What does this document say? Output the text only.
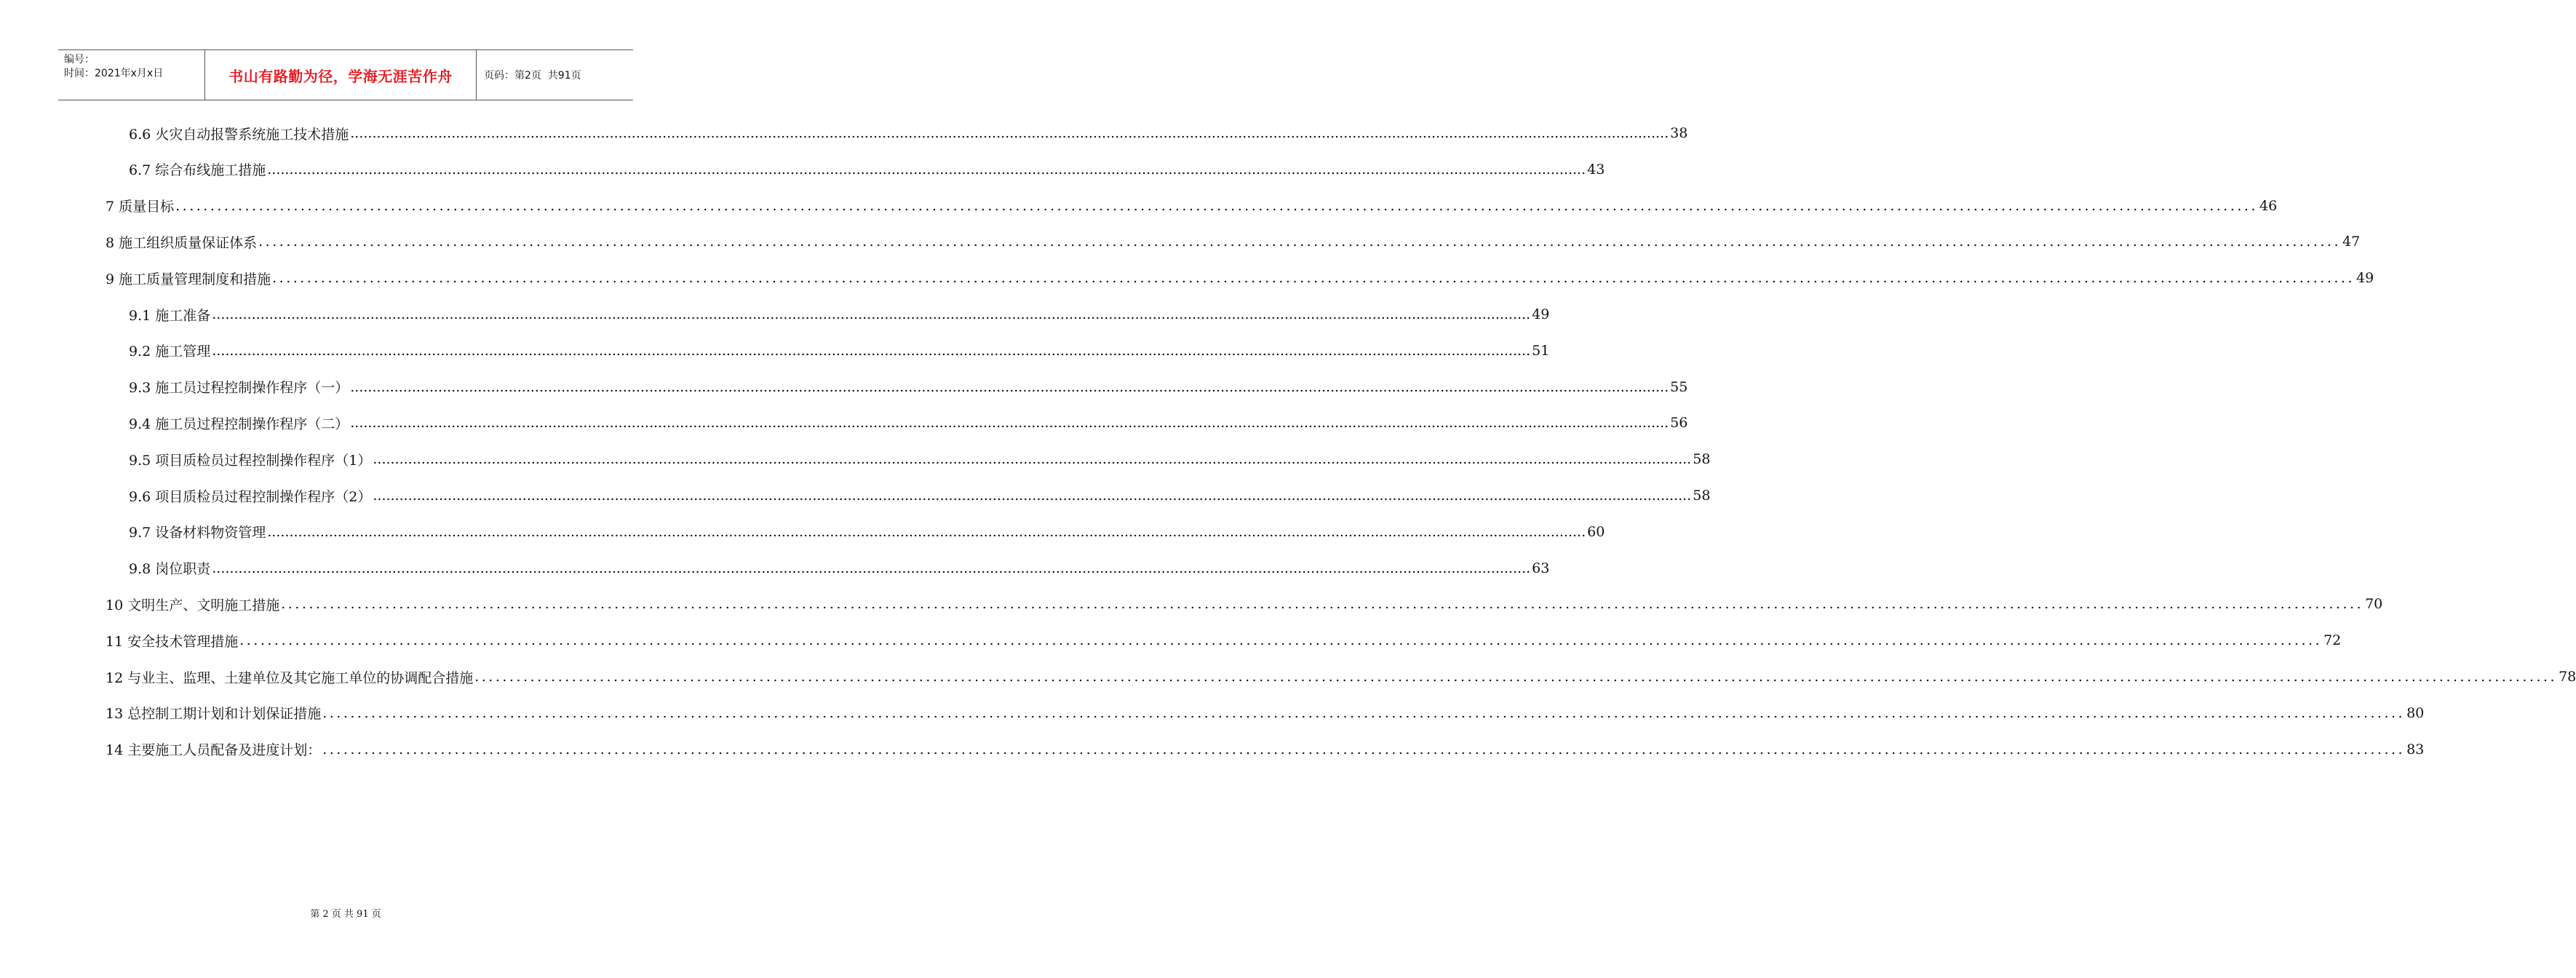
编号：
时间：2021年x月x日	书山有路勤为径，学海无涯苦作舟	页码：第2页  共91页
6.6 火灾自动报警系统施工技术措施 ............................................................................................................................................................................................................................................................................................................ 38
6.7 综合布线施工措施 ............................................................................................................................................................................................................................................................................................................ 43
7 质量目标 ............................................................................................................................................................................................................................................................................................................ 46
8 施工组织质量保证体系 ............................................................................................................................................................................................................................................................................................................ 47
9 施工质量管理制度和措施 ............................................................................................................................................................................................................................................................................................................ 49
9.1 施工准备 ............................................................................................................................................................................................................................................................................................................ 49
9.2 施工管理 ............................................................................................................................................................................................................................................................................................................ 51
9.3 施工员过程控制操作程序（一） ............................................................................................................................................................................................................................................................................................................ 55
9.4 施工员过程控制操作程序（二） ............................................................................................................................................................................................................................................................................................................ 56
9.5 项目质检员过程控制操作程序（1） ............................................................................................................................................................................................................................................................................................................ 58
9.6 项目质检员过程控制操作程序（2） ............................................................................................................................................................................................................................................................................................................ 58
9.7 设备材料物资管理 ............................................................................................................................................................................................................................................................................................................ 60
9.8 岗位职责 ............................................................................................................................................................................................................................................................................................................ 63
10 文明生产、文明施工措施 ............................................................................................................................................................................................................................................................................................................ 70
11 安全技术管理措施 ............................................................................................................................................................................................................................................................................................................ 72
12 与业主、监理、土建单位及其它施工单位的协调配合措施 ............................................................................................................................................................................................................................................................................................................ 78
13 总控制工期计划和计划保证措施 ............................................................................................................................................................................................................................................................................................................ 80
14 主要施工人员配备及进度计划： ............................................................................................................................................................................................................................................................................................................ 83
第 2 页 共 91 页
